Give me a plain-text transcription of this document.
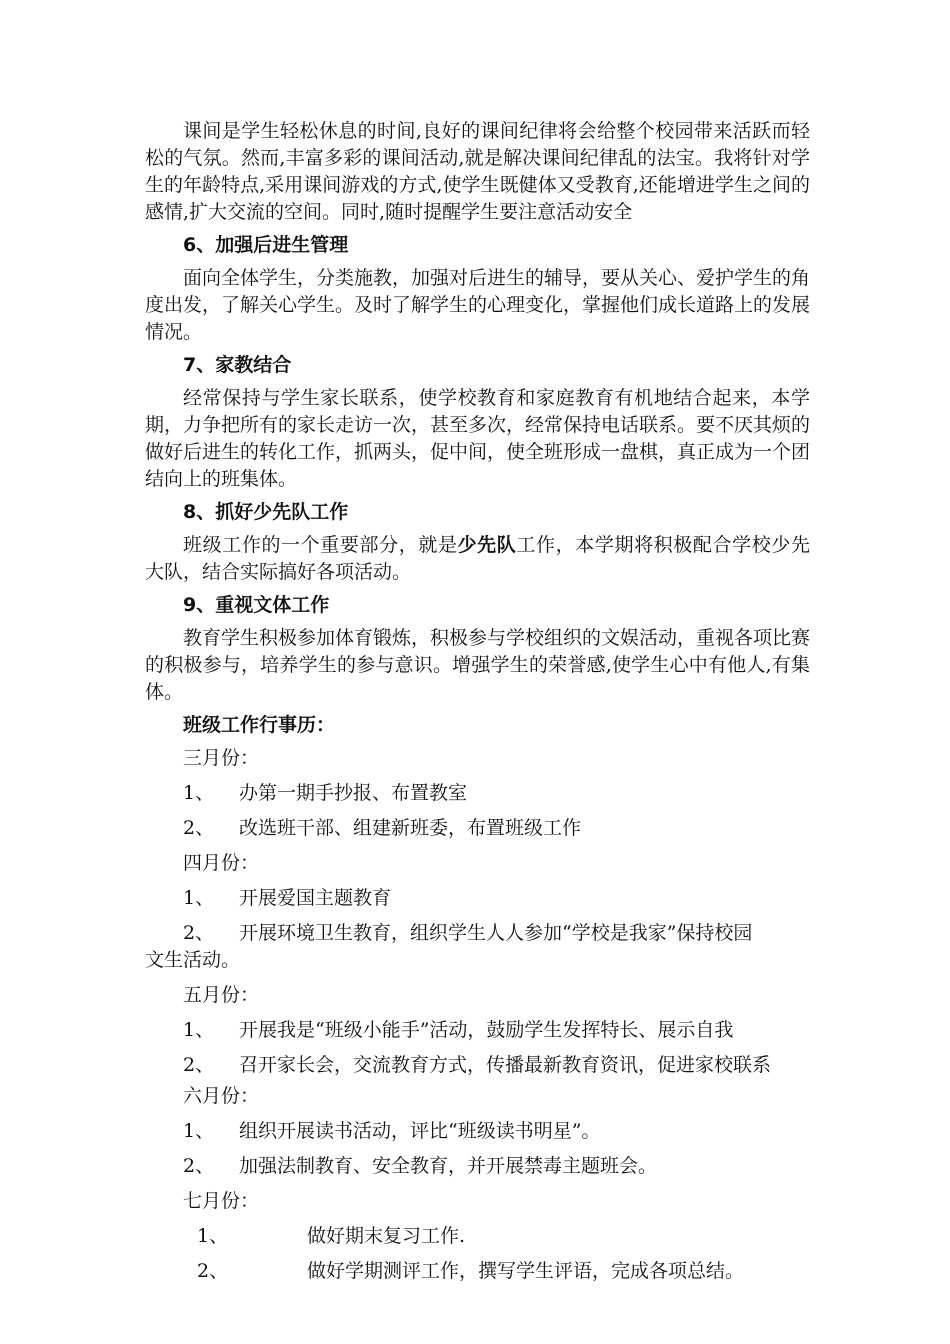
课间是学生轻松休息的时间,良好的课间纪律将会给整个校园带来活跃而轻松的气氛。然而,丰富多彩的课间活动,就是解决课间纪律乱的法宝。我将针对学生的年龄特点,采用课间游戏的方式,使学生既健体又受教育,还能增进学生之间的感情,扩大交流的空间。同时,随时提醒学生要注意活动安全

6、加强后进生管理

面向全体学生，分类施教，加强对后进生的辅导，要从关心、爱护学生的角度出发，了解关心学生。及时了解学生的心理变化，掌握他们成长道路上的发展情况。

7、家教结合

经常保持与学生家长联系，使学校教育和家庭教育有机地结合起来，本学期，力争把所有的家长走访一次，甚至多次，经常保持电话联系。要不厌其烦的做好后进生的转化工作，抓两头，促中间，使全班形成一盘棋，真正成为一个团结向上的班集体。

8、抓好少先队工作

班级工作的一个重要部分，就是少先队工作，本学期将积极配合学校少先大队，结合实际搞好各项活动。

9、重视文体工作

教育学生积极参加体育锻炼，积极参与学校组织的文娱活动，重视各项比赛的积极参与，培养学生的参与意识。增强学生的荣誉感,使学生心中有他人,有集体。

班级工作行事历：
三月份：
1、 办第一期手抄报、布置教室
2、 改选班干部、组建新班委，布置班级工作
四月份：
1、 开展爱国主题教育
2、 开展环境卫生教育，组织学生人人参加“学校是我家”保持校园
文生活动。
五月份：
1、 开展我是“班级小能手”活动，鼓励学生发挥特长、展示自我
2、 召开家长会，交流教育方式，传播最新教育资讯，促进家校联系
六月份：
1、 组织开展读书活动，评比“班级读书明星”。
2、 加强法制教育、安全教育，并开展禁毒主题班会。
七月份：
1、	做好期末复习工作.
2、	做好学期测评工作，撰写学生评语，完成各项总结。
